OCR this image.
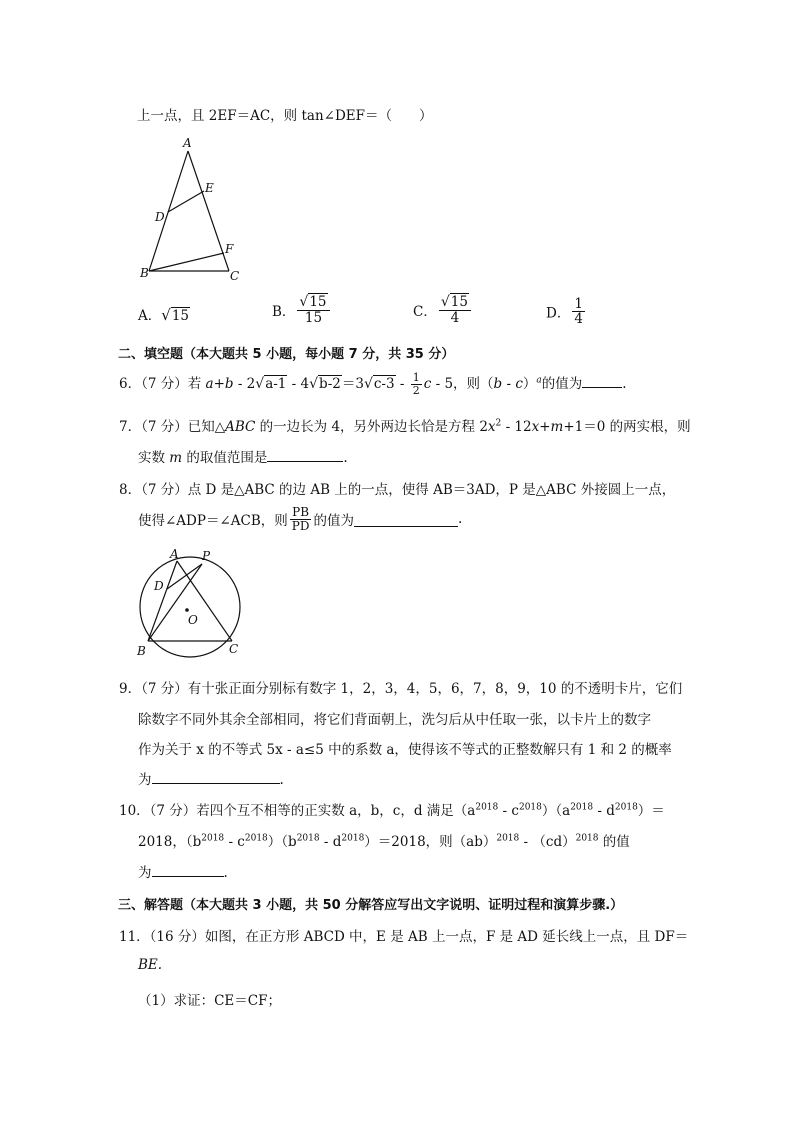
上一点，且 2EF＝AC，则 tan∠DEF＝（　　）
A
E
D
F
B	C
A．√15	B． $\frac{√15}{15}$	C． $\frac{√15}{4}$	D． $\frac{1}{4}$
二、填空题（本大题共 5 小题，每小题 7 分，共 35 分）
6．（7 分）若 $a+b - 2√a-1 - 4√b-2=3√c-3 - \frac{1}{2}$ c - 5，则（b - c）$^a$的值为	.
7．（7 分）已知△ABC 的一边长为 4，另外两边长恰是方程 $2x^2 - 12x+m+1=0$ 的两实根，则
实数 m 的取值范围是	.
8．（7 分）点 D 是△ABC 的边 AB 上的一点，使得 AB＝3AD，P 是△ABC 外接圆上一点，
使得∠ADP＝∠ACB，则 $\frac{PB}{PD}$ 的值为	.
A P
D
O
B	C
9．（7 分）有十张正面分别标有数字 1，2，3，4，5，6，7，8，9，10 的不透明卡片，它们
除数字不同外其余全部相同，将它们背面朝上，洗匀后从中任取一张，以卡片上的数字
作为关于 x 的不等式 5x - a≤5 中的系数 a，使得该不等式的正整数解只有 1 和 2 的概率
为	.
10．（7 分）若四个互不相等的正实数 a，b，c，d 满足$(a^{2018} - c^{2018})(a^{2018} - d^{2018})=$
2018，$(b^{2018} - c^{2018})(b^{2018} - d^{2018})=2018$，则（ab）$^{2018}$ - （cd）$^{2018}$ 的值
为	.
三、解答题（本大题共 3 小题，共 50 分解答应写出文字说明、证明过程和演算步骤.）
11．（16 分）如图，在正方形 ABCD 中，E 是 AB 上一点，F 是 AD 延长线上一点，且 DF＝
BE.
（1）求证：CE＝CF；
